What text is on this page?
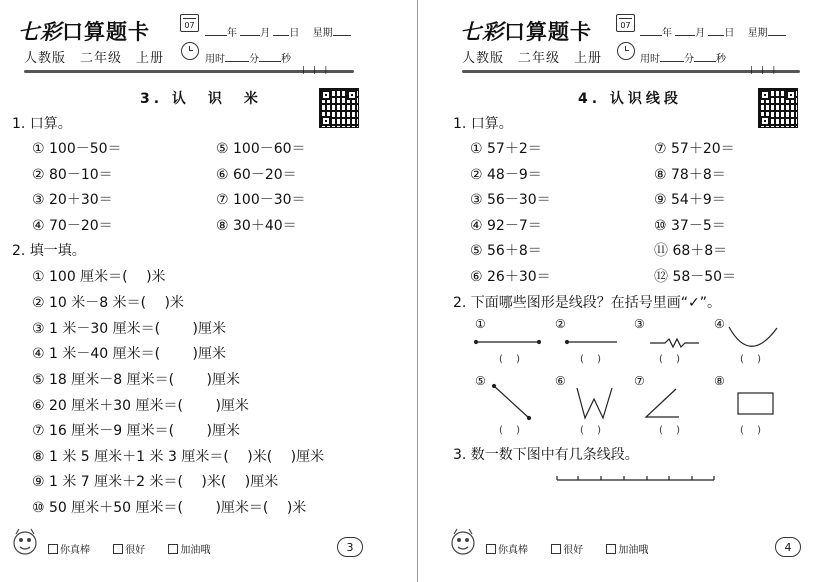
七彩口算题卡
人教版　二年级　上册
07
年 月 日 　 星期
用时 分 秒
| | |
3. 认　识　米
1. 口算。
① 100－50＝	⑤ 100－60＝
② 80－10＝	⑥ 60－20＝
③ 20＋30＝	⑦ 100－30＝
④ 70－20＝	⑧ 30＋40＝
2. 填一填。
① 100 厘米＝(　 )米
② 10 米－8 米＝(　 )米
③ 1 米－30 厘米＝(　　 )厘米
④ 1 米－40 厘米＝(　　 )厘米
⑤ 18 厘米－8 厘米＝(　　 )厘米
⑥ 20 厘米＋30 厘米＝(　　 )厘米
⑦ 16 厘米－9 厘米＝(　　 )厘米
⑧ 1 米 5 厘米＋1 米 3 厘米＝(　 )米(　 )厘米
⑨ 1 米 7 厘米＋2 米＝(　 )米(　 )厘米
⑩ 50 厘米＋50 厘米＝(　　 )厘米＝(　 )米
你真棒	很好	加油哦	3
七彩口算题卡
人教版　二年级　上册
07
年 月 日 　 星期
用时 分 秒
| | |
4. 认识线段
1. 口算。
① 57＋2＝	⑦ 57＋20＝
② 48－9＝	⑧ 78＋8＝
③ 56－30＝	⑨ 54＋9＝
④ 92－7＝	⑩ 37－5＝
⑤ 56＋8＝	⑪ 68＋8＝
⑥ 26＋30＝	⑫ 58－50＝
2. 下面哪些图形是线段？在括号里画“✓”。
①	②	③	④
⑤	⑥	⑦	⑧
(　 )	(　 )	(　 )	(　 )
(　 )	(　 )	(　 )	(　 )
3. 数一数下图中有几条线段。
你真棒	很好	加油哦	4
